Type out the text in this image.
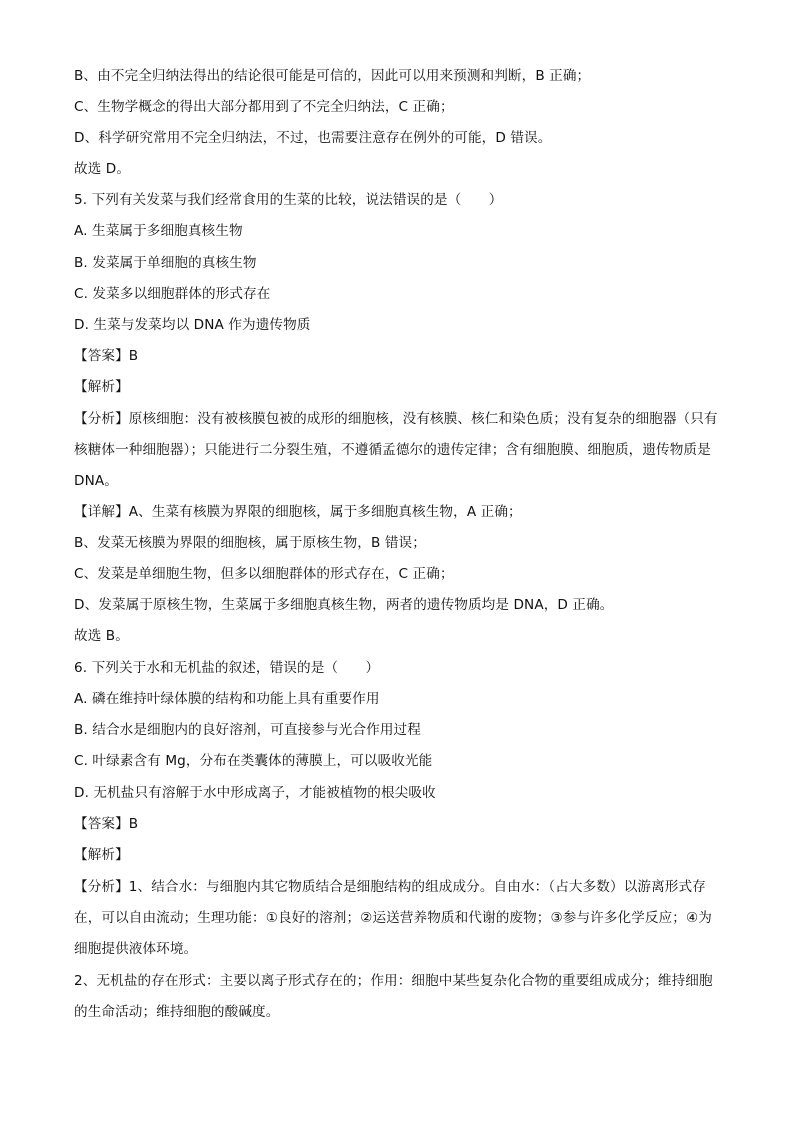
B、由不完全归纳法得出的结论很可能是可信的，因此可以用来预测和判断，B 正确；
C、生物学概念的得出大部分都用到了不完全归纳法，C 正确；
D、科学研究常用不完全归纳法，不过，也需要注意存在例外的可能，D 错误。
故选 D。
5. 下列有关发菜与我们经常食用的生菜的比较，说法错误的是（　　）
A. 生菜属于多细胞真核生物
B. 发菜属于单细胞的真核生物
C. 发菜多以细胞群体的形式存在
D. 生菜与发菜均以 DNA 作为遗传物质
【答案】B
【解析】
【分析】原核细胞：没有被核膜包被的成形的细胞核，没有核膜、核仁和染色质；没有复杂的细胞器（只有核糖体一种细胞器）；只能进行二分裂生殖，不遵循孟德尔的遗传定律；含有细胞膜、细胞质，遗传物质是 DNA。
【详解】A、生菜有核膜为界限的细胞核，属于多细胞真核生物，A 正确；
B、发菜无核膜为界限的细胞核，属于原核生物，B 错误；
C、发菜是单细胞生物，但多以细胞群体的形式存在，C 正确；
D、发菜属于原核生物，生菜属于多细胞真核生物，两者的遗传物质均是 DNA，D 正确。
故选 B。
6. 下列关于水和无机盐的叙述，错误的是（　　）
A. 磷在维持叶绿体膜的结构和功能上具有重要作用
B. 结合水是细胞内的良好溶剂，可直接参与光合作用过程
C. 叶绿素含有 Mg，分布在类囊体的薄膜上，可以吸收光能
D. 无机盐只有溶解于水中形成离子，才能被植物的根尖吸收
【答案】B
【解析】
【分析】1、结合水：与细胞内其它物质结合是细胞结构的组成成分。自由水：（占大多数）以游离形式存在，可以自由流动；生理功能：①良好的溶剂；②运送营养物质和代谢的废物；③参与许多化学反应；④为细胞提供液体环境。
2、无机盐的存在形式：主要以离子形式存在的；作用：细胞中某些复杂化合物的重要组成成分；维持细胞的生命活动；维持细胞的酸碱度。
